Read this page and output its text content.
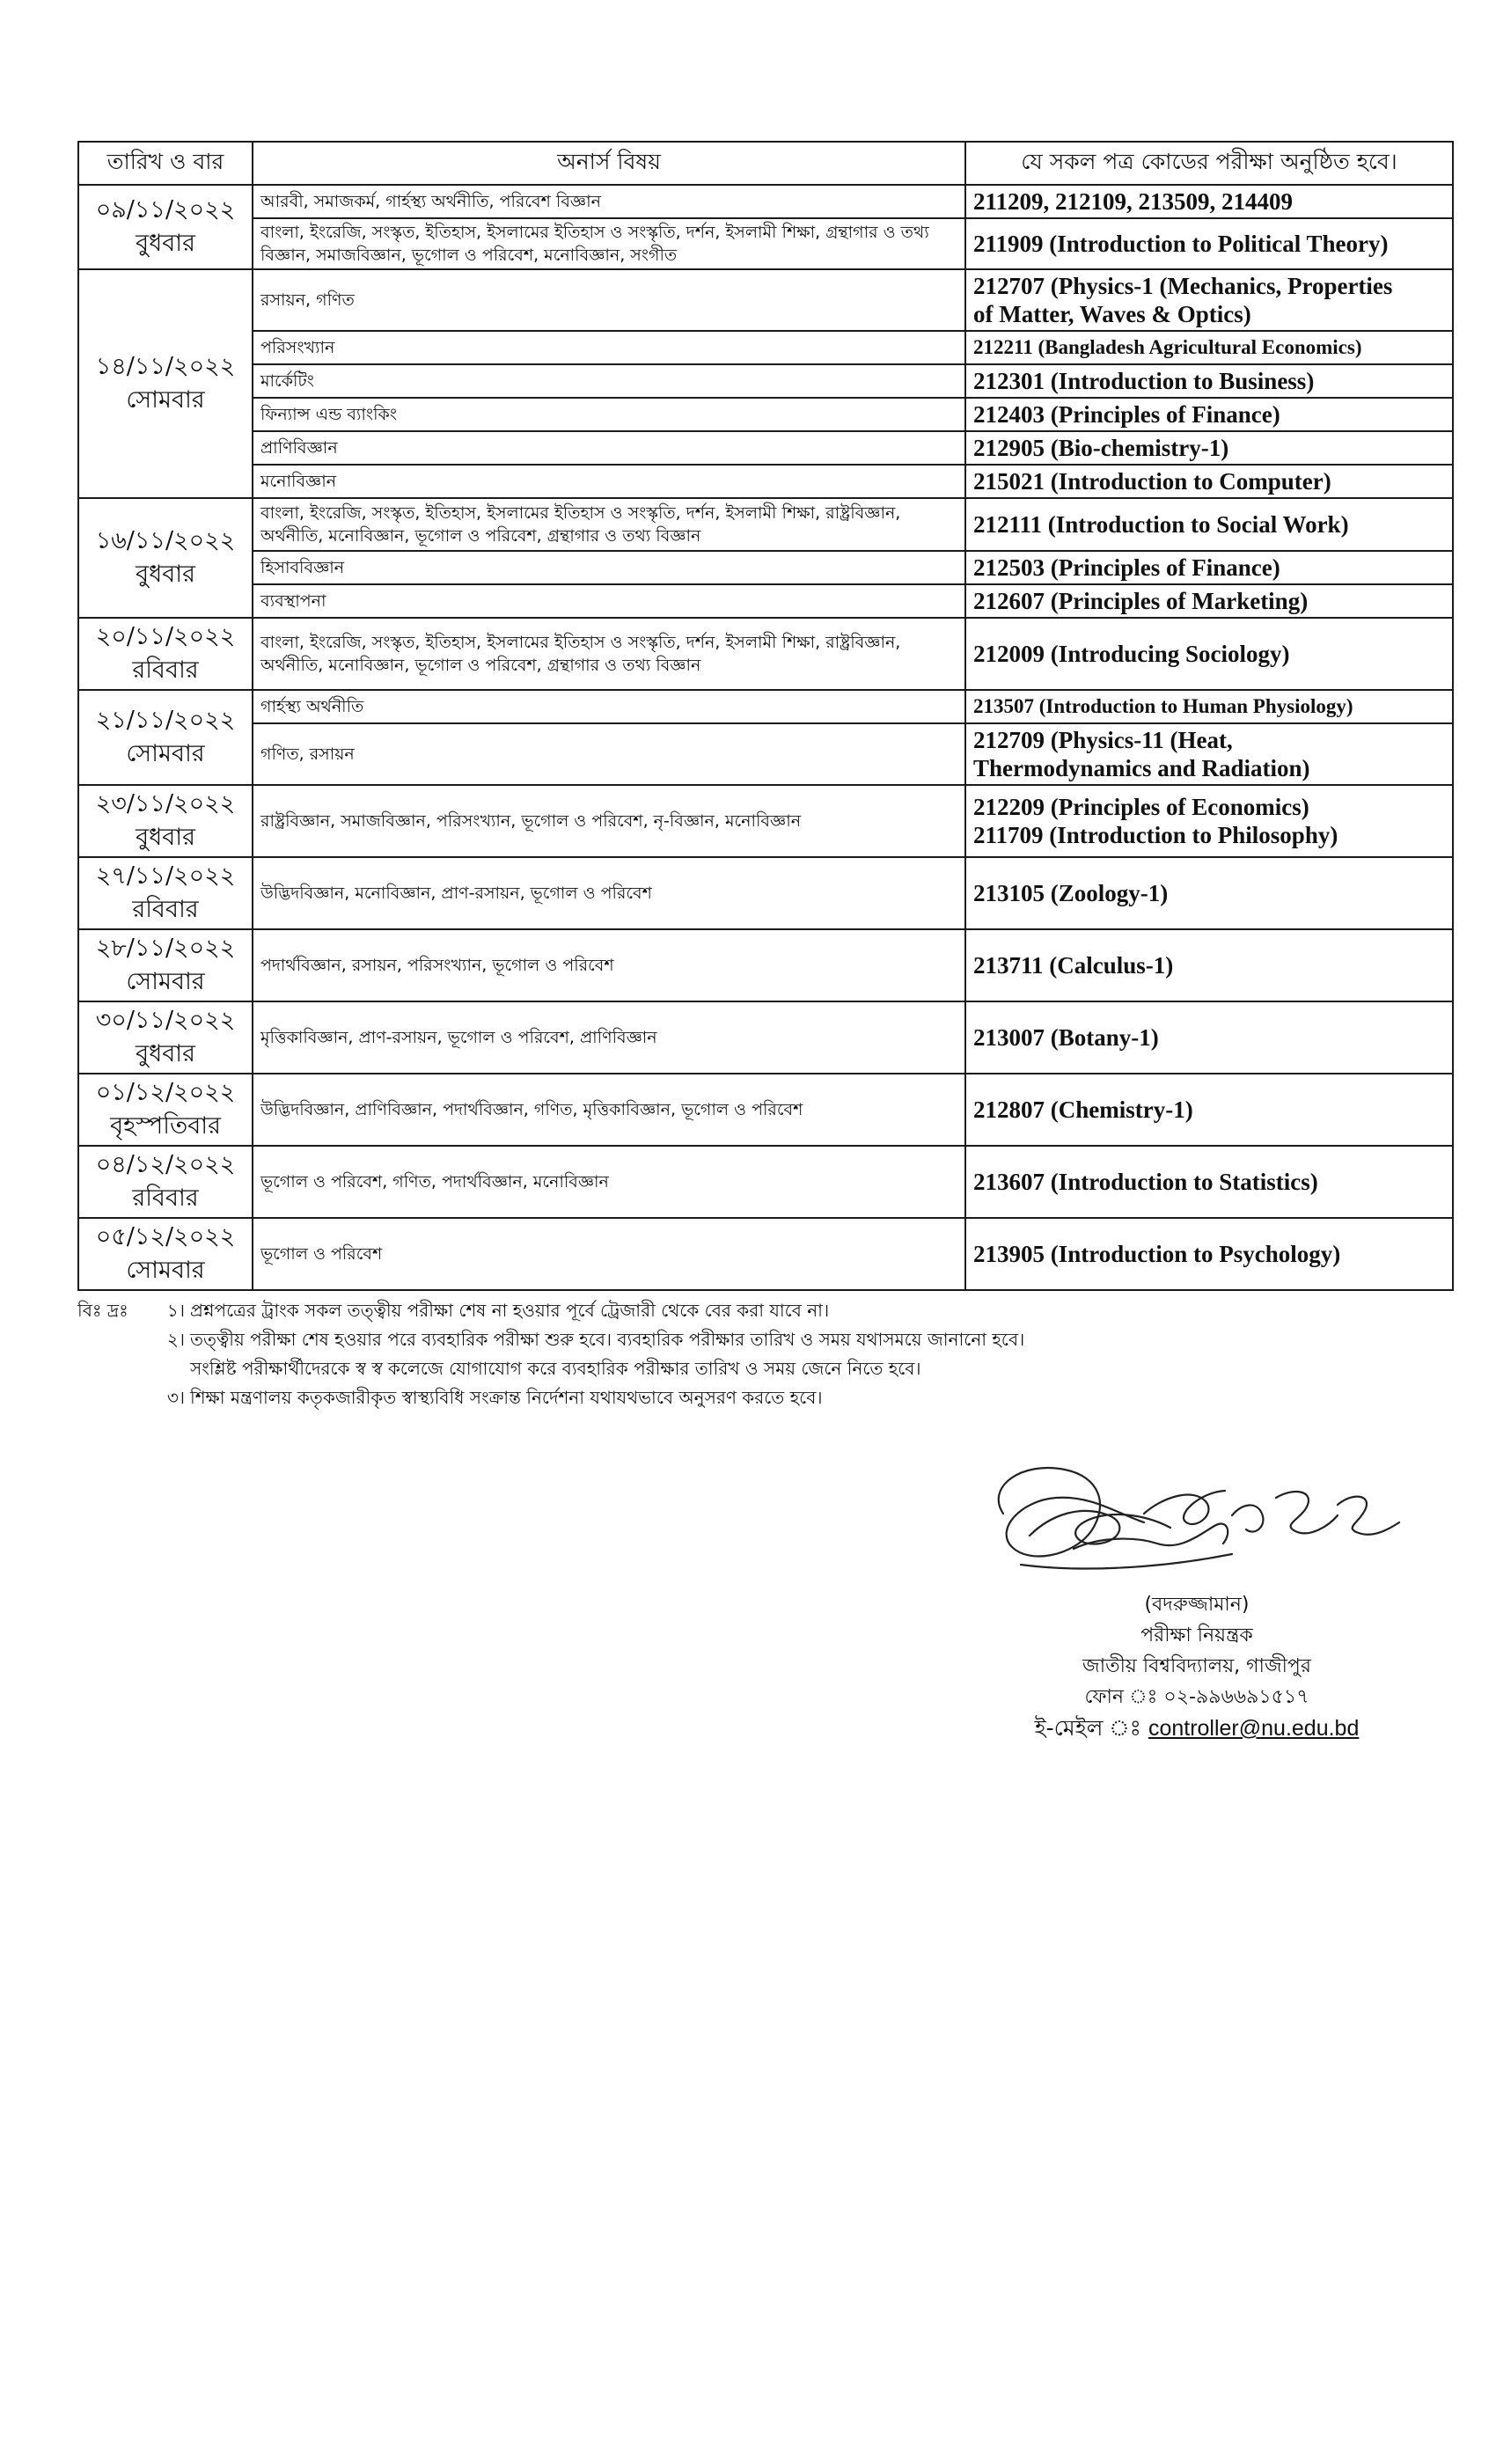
তারিখ ও বার	অনার্স বিষয়	যে সকল পত্র কোডের পরীক্ষা অনুষ্ঠিত হবে।

০৯/১১/২০২২
বুধবার	আরবী, সমাজকর্ম, গার্হস্থ্য অর্থনীতি, পরিবেশ বিজ্ঞান	211209, 212109, 213509, 214409

	বাংলা, ইংরেজি, সংস্কৃত, ইতিহাস, ইসলামের ইতিহাস ও সংস্কৃতি, দর্শন, ইসলামী শিক্ষা, গ্রন্থাগার ও তথ্য বিজ্ঞান, সমাজবিজ্ঞান, ভূগোল ও পরিবেশ, মনোবিজ্ঞান, সংগীত	211909 (Introduction to Political Theory)

১৪/১১/২০২২
সোমবার	রসায়ন, গণিত	212707 (Physics-1 (Mechanics, Properties
of Matter, Waves & Optics)

	পরিসংখ্যান	212211 (Bangladesh Agricultural Economics)

	মার্কেটিং	212301 (Introduction to Business)

	ফিন্যান্স এন্ড ব্যাংকিং	212403 (Principles of Finance)

	প্রাণিবিজ্ঞান	212905 (Bio-chemistry-1)

	মনোবিজ্ঞান	215021 (Introduction to Computer)

১৬/১১/২০২২
বুধবার	বাংলা, ইংরেজি, সংস্কৃত, ইতিহাস, ইসলামের ইতিহাস ও সংস্কৃতি, দর্শন, ইসলামী শিক্ষা, রাষ্ট্রবিজ্ঞান, অর্থনীতি, মনোবিজ্ঞান, ভূগোল ও পরিবেশ, গ্রন্থাগার ও তথ্য বিজ্ঞান	212111 (Introduction to Social Work)

	হিসাববিজ্ঞান	212503 (Principles of Finance)

	ব্যবস্থাপনা	212607 (Principles of Marketing)

২০/১১/২০২২
রবিবার	বাংলা, ইংরেজি, সংস্কৃত, ইতিহাস, ইসলামের ইতিহাস ও সংস্কৃতি, দর্শন, ইসলামী শিক্ষা, রাষ্ট্রবিজ্ঞান, অর্থনীতি, মনোবিজ্ঞান, ভূগোল ও পরিবেশ, গ্রন্থাগার ও তথ্য বিজ্ঞান	212009 (Introducing Sociology)

২১/১১/২০২২
সোমবার	গার্হস্থ্য অর্থনীতি	213507 (Introduction to Human Physiology)

	গণিত, রসায়ন	212709 (Physics-11 (Heat,
Thermodynamics and Radiation)

২৩/১১/২০২২
বুধবার	রাষ্ট্রবিজ্ঞান, সমাজবিজ্ঞান, পরিসংখ্যান, ভূগোল ও পরিবেশ, নৃ-বিজ্ঞান, মনোবিজ্ঞান	212209 (Principles of Economics)
211709 (Introduction to Philosophy)

২৭/১১/২০২২
রবিবার	উদ্ভিদবিজ্ঞান, মনোবিজ্ঞান, প্রাণ-রসায়ন, ভূগোল ও পরিবেশ	213105 (Zoology-1)

২৮/১১/২০২২
সোমবার	পদার্থবিজ্ঞান, রসায়ন, পরিসংখ্যান, ভূগোল ও পরিবেশ	213711 (Calculus-1)

৩০/১১/২০২২
বুধবার	মৃত্তিকাবিজ্ঞান, প্রাণ-রসায়ন, ভূগোল ও পরিবেশ, প্রাণিবিজ্ঞান	213007 (Botany-1)

০১/১২/২০২২
বৃহস্পতিবার	উদ্ভিদবিজ্ঞান, প্রাণিবিজ্ঞান, পদার্থবিজ্ঞান, গণিত, মৃত্তিকাবিজ্ঞান, ভূগোল ও পরিবেশ	212807 (Chemistry-1)

০৪/১২/২০২২
রবিবার	ভূগোল ও পরিবেশ, গণিত, পদার্থবিজ্ঞান, মনোবিজ্ঞান	213607 (Introduction to Statistics)

০৫/১২/২০২২
সোমবার	ভূগোল ও পরিবেশ	213905 (Introduction to Psychology)
বিঃ দ্রঃ	১। প্রশ্নপত্রের ট্রাংক সকল তত্ত্বীয় পরীক্ষা শেষ না হওয়ার পূর্বে ট্রেজারী থেকে বের করা যাবে না।
২। তত্ত্বীয় পরীক্ষা শেষ হওয়ার পরে ব্যবহারিক পরীক্ষা শুরু হবে। ব্যবহারিক পরীক্ষার তারিখ ও সময় যথাসময়ে জানানো হবে।
সংশ্লিষ্ট পরীক্ষার্থীদেরকে স্ব স্ব কলেজে যোগাযোগ করে ব্যবহারিক পরীক্ষার তারিখ ও সময় জেনে নিতে হবে।
৩। শিক্ষা মন্ত্রণালয় কতৃকজারীকৃত স্বাস্থ্যবিধি সংক্রান্ত নির্দেশনা যথাযথভাবে অনুসরণ করতে হবে।
(বদরুজ্জামান)
পরীক্ষা নিয়ন্ত্রক
জাতীয় বিশ্ববিদ্যালয়, গাজীপুর
ফোন ঃ ০২-৯৯৬৬৯১৫১৭
ই-মেইল ঃ controller@nu.edu.bd
